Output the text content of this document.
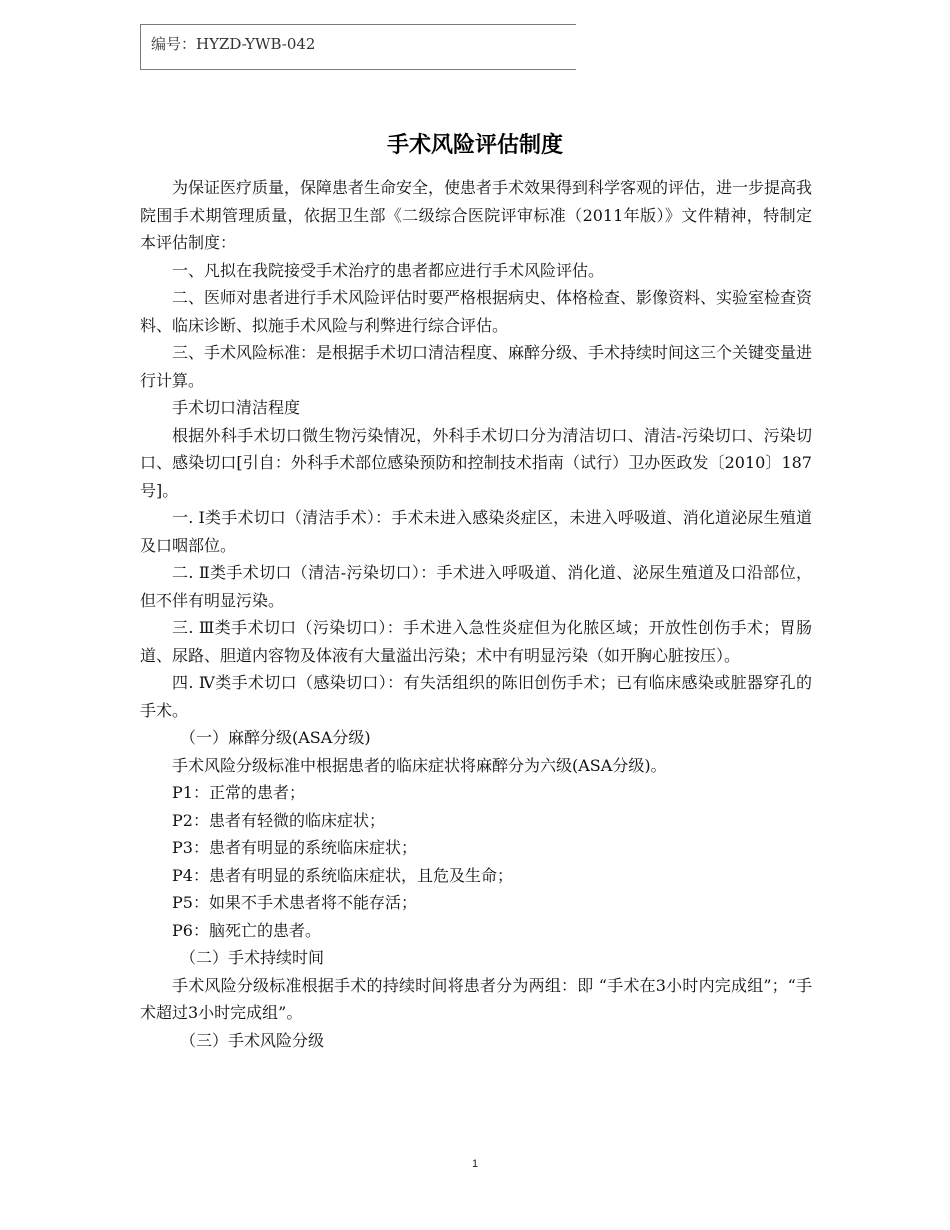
编号：HYZD-YWB-042
手术风险评估制度

为保证医疗质量，保障患者生命安全，使患者手术效果得到科学客观的评估，进一步提高我院围手术期管理质量，依据卫生部《二级综合医院评审标准（2011年版）》文件精神，特制定本评估制度：

一、凡拟在我院接受手术治疗的患者都应进行手术风险评估。

二、医师对患者进行手术风险评估时要严格根据病史、体格检查、影像资料、实验室检查资料、临床诊断、拟施手术风险与利弊进行综合评估。

三、手术风险标准：是根据手术切口清洁程度、麻醉分级、手术持续时间这三个关键变量进行计算。

手术切口清洁程度

根据外科手术切口微生物污染情况，外科手术切口分为清洁切口、清洁-污染切口、污染切口、感染切口[引自：外科手术部位感染预防和控制技术指南（试行）卫办医政发〔2010〕187号]。

一. Ⅰ类手术切口（清洁手术）：手术未进入感染炎症区，未进入呼吸道、消化道泌尿生殖道及口咽部位。

二. Ⅱ类手术切口（清洁-污染切口）：手术进入呼吸道、消化道、泌尿生殖道及口沿部位，但不伴有明显污染。

三. Ⅲ类手术切口（污染切口）：手术进入急性炎症但为化脓区域；开放性创伤手术；胃肠道、尿路、胆道内容物及体液有大量溢出污染；术中有明显污染（如开胸心脏按压）。

四. Ⅳ类手术切口（感染切口）：有失活组织的陈旧创伤手术；已有临床感染或脏器穿孔的手术。

（一）麻醉分级(ASA分级)

手术风险分级标准中根据患者的临床症状将麻醉分为六级(ASA分级)。

P1：正常的患者；

P2：患者有轻微的临床症状；

P3：患者有明显的系统临床症状；

P4：患者有明显的系统临床症状，且危及生命；

P5：如果不手术患者将不能存活；

P6：脑死亡的患者。

（二）手术持续时间

手术风险分级标准根据手术的持续时间将患者分为两组：即 “手术在3小时内完成组”；“手术超过3小时完成组”。

（三）手术风险分级

1
